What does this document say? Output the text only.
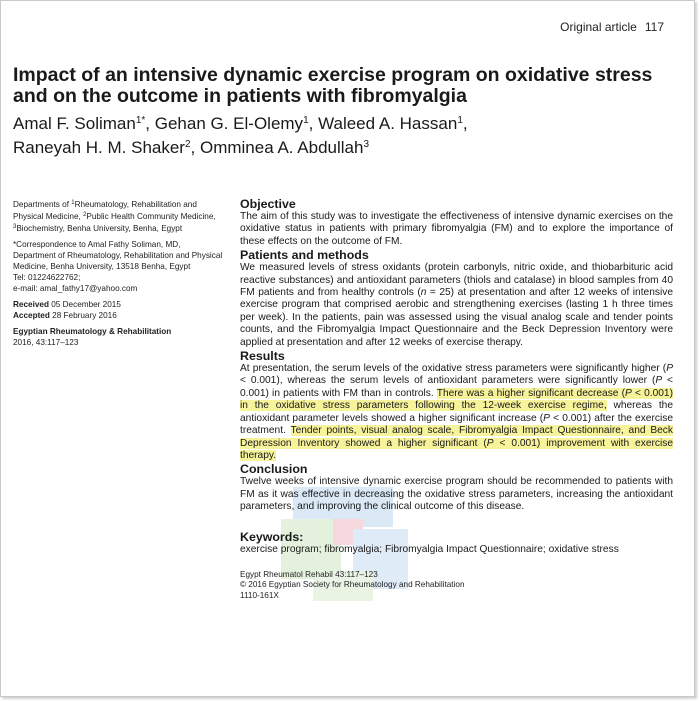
Original article 117
Impact of an intensive dynamic exercise program on oxidative stress and on the outcome in patients with fibromyalgia
Amal F. Soliman$^{1*}$, Gehan G. El-Olemy$^1$, Waleed A. Hassan$^1$,
Raneyah H. M. Shaker$^2$, Omminea A. Abdullah$^3$

Departments of $^1$Rheumatology, Rehabilitation and Physical Medicine, $^2$Public Health Community Medicine, $^3$Biochemistry, Benha University, Benha, Egypt

*Correspondence to Amal Fathy Soliman, MD, Department of Rheumatology, Rehabilitation and Physical Medicine, Benha University, 13518 Benha, Egypt

Tel: 01224622762;

e-mail: amal_fathy17@yahoo.com

Received 05 December 2015

Accepted 28 February 2016

Egyptian Rheumatology & Rehabilitation

2016, 43:117–123

Objective

The aim of this study was to investigate the effectiveness of intensive dynamic exercises on the oxidative status in patients with primary fibromyalgia (FM) and to explore the importance of these effects on the outcome of FM.

Patients and methods

We measured levels of stress oxidants (protein carbonyls, nitric oxide, and thiobarbituric acid reactive substances) and antioxidant parameters (thiols and catalase) in blood samples from 40 FM patients and from healthy controls (n = 25) at presentation and after 12 weeks of intensive exercise program that comprised aerobic and strengthening exercises (lasting 1 h three times per week). In the patients, pain was assessed using the visual analog scale and tender points counts, and the Fibromyalgia Impact Questionnaire and the Beck Depression Inventory were applied at presentation and after 12 weeks of exercise therapy.

Results

At presentation, the serum levels of the oxidative stress parameters were significantly higher (P < 0.001), whereas the serum levels of antioxidant parameters were significantly lower (P < 0.001) in patients with FM than in controls. There was a higher significant decrease (P < 0.001) in the oxidative stress parameters following the 12-week exercise regime, whereas the antioxidant parameter levels showed a higher significant increase (P < 0.001) after the exercise treatment. Tender points, visual analog scale, Fibromyalgia Impact Questionnaire, and Beck Depression Inventory showed a higher significant (P < 0.001) improvement with exercise therapy.

Conclusion

Twelve weeks of intensive dynamic exercise program should be recommended to patients with FM as it was effective in decreasing the oxidative stress parameters, increasing the antioxidant parameters, and improving the clinical outcome of this disease.

Keywords:

exercise program; fibromyalgia; Fibromyalgia Impact Questionnaire; oxidative stress

Egypt Rheumatol Rehabil 43:117–123

© 2016 Egyptian Society for Rheumatology and Rehabilitation

1110-161X
